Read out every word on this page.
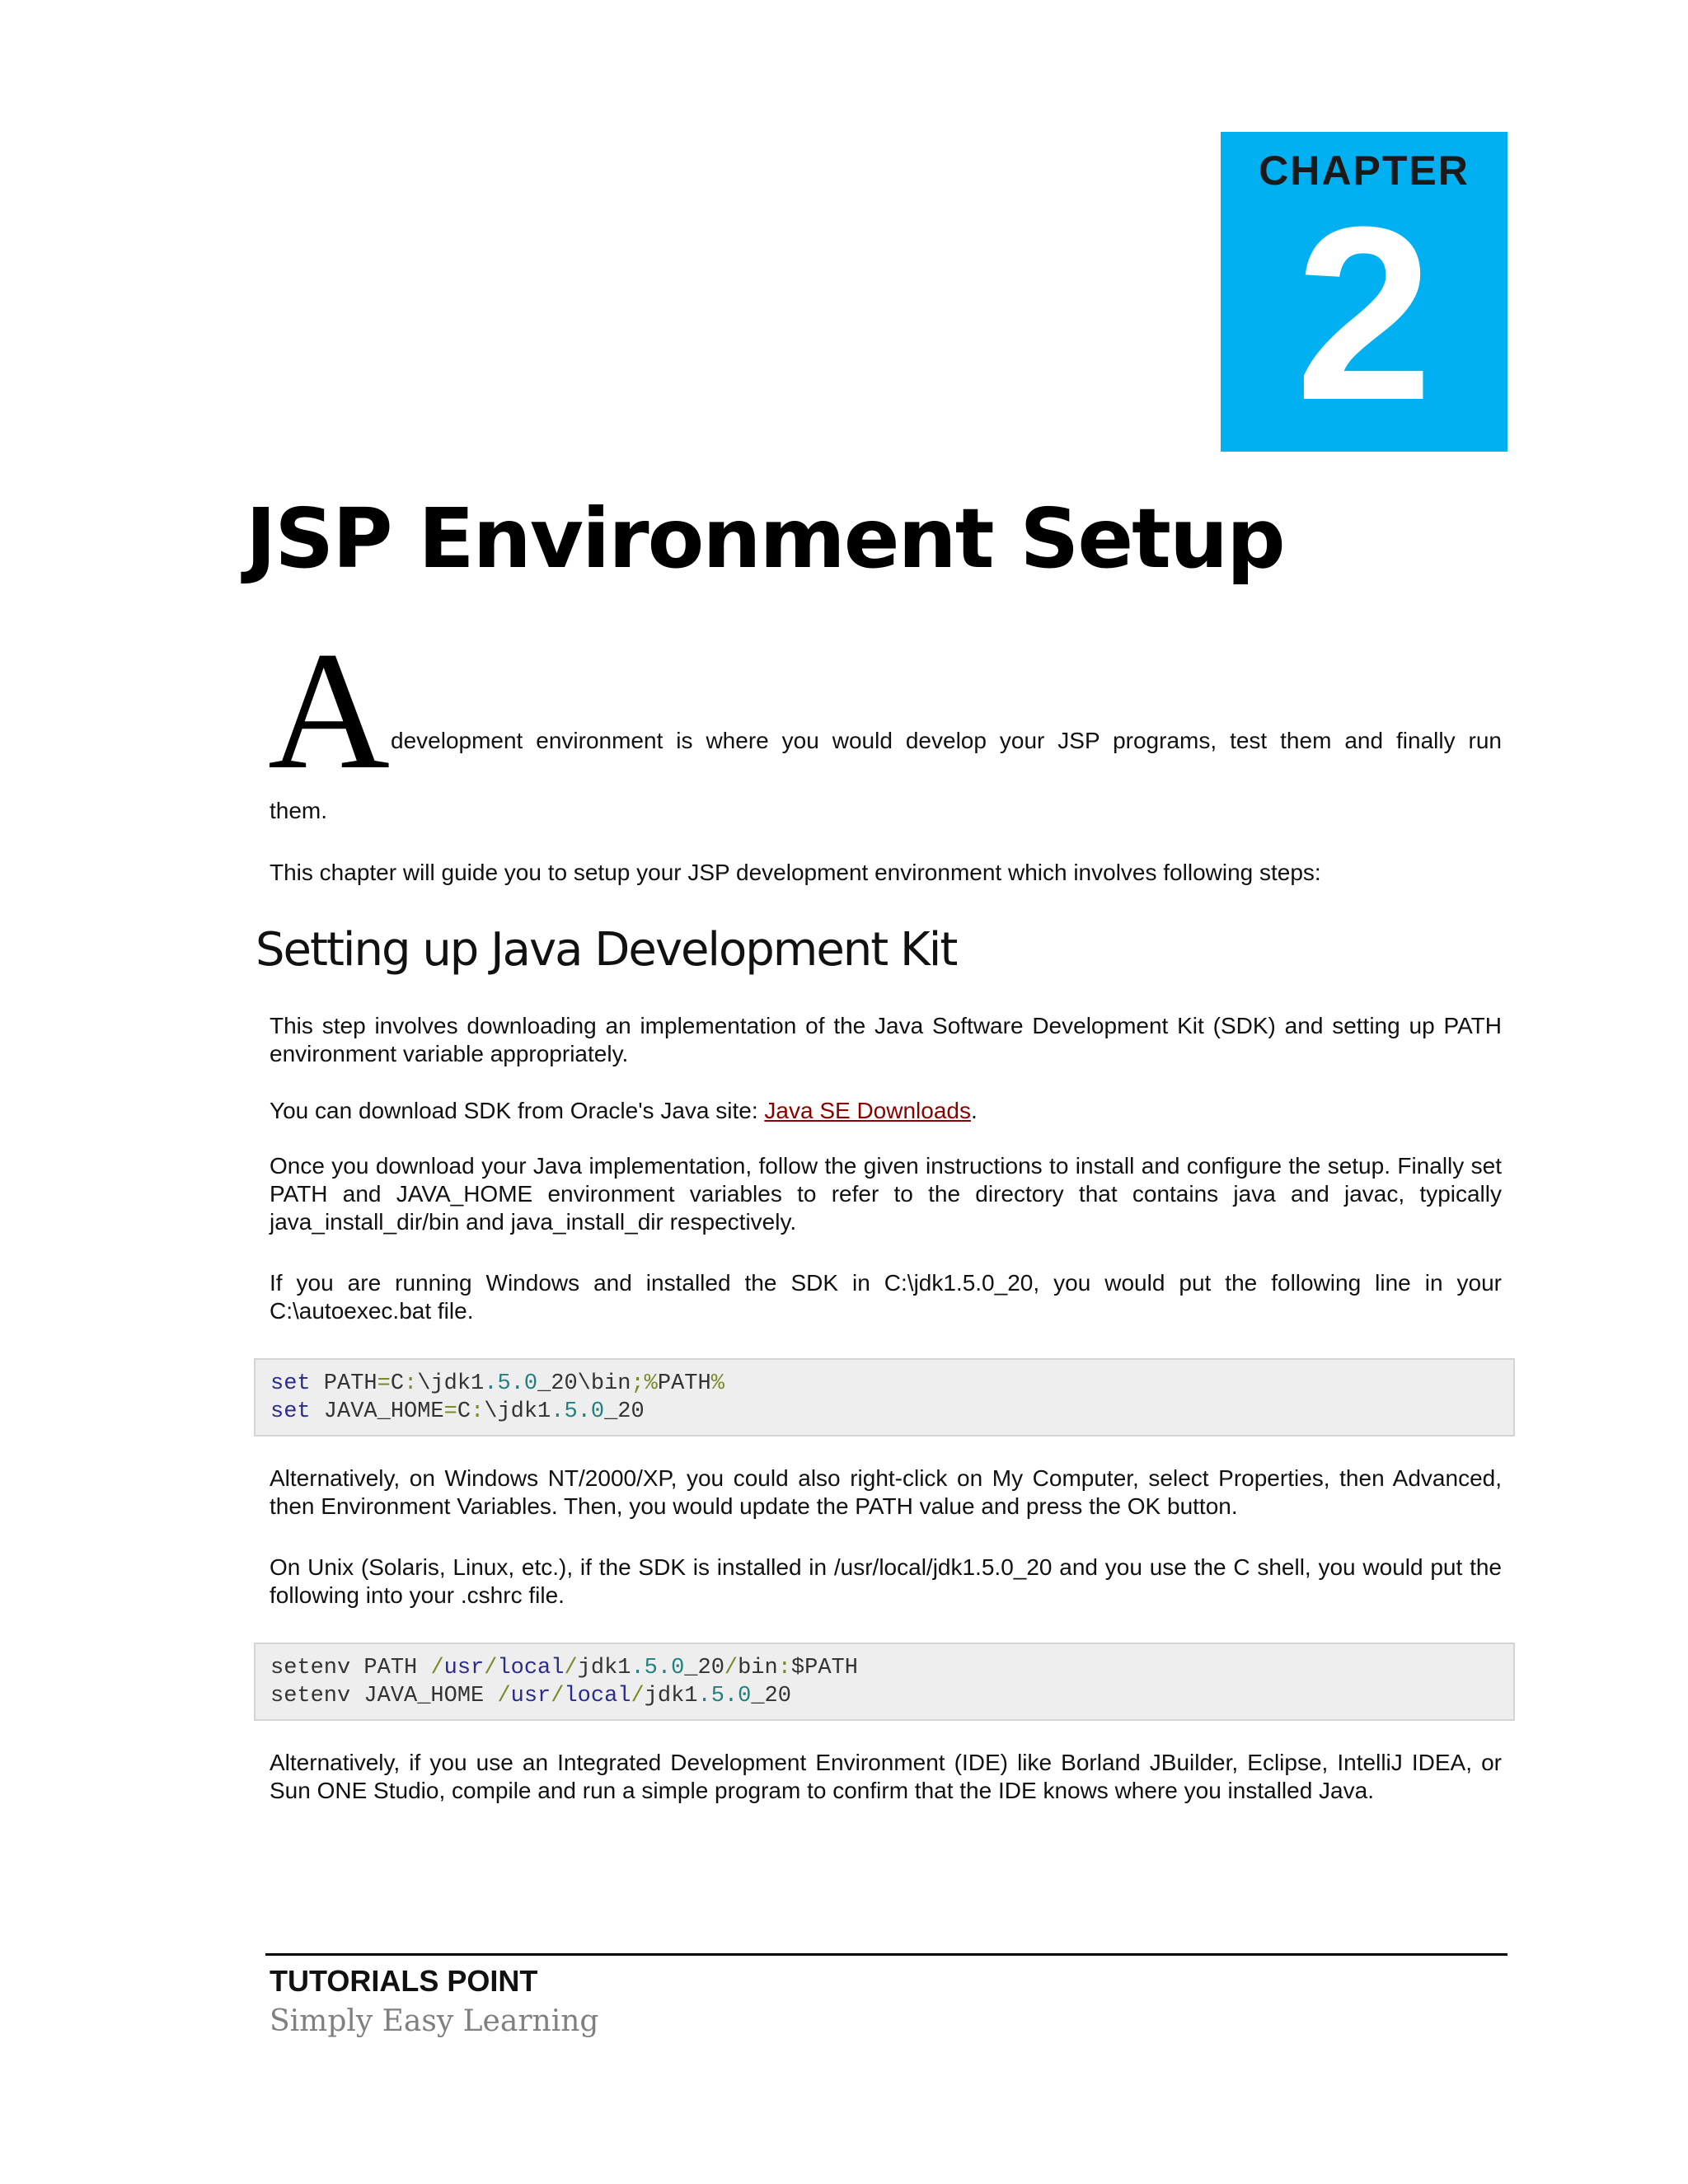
CHAPTER
2
JSP Environment Setup
A development environment is where you would develop your JSP programs, test them and finally run

them.

This chapter will guide you to setup your JSP development environment which involves following steps:

Setting up Java Development Kit

This step involves downloading an implementation of the Java Software Development Kit (SDK) and setting up PATH environment variable appropriately.

You can download SDK from Oracle's Java site: Java SE Downloads.

Once you download your Java implementation, follow the given instructions to install and configure the setup. Finally set PATH and JAVA_HOME environment variables to refer to the directory that contains java and javac, typically java_install_dir/bin and java_install_dir respectively.

If you are running Windows and installed the SDK in C:\jdk1.5.0_20, you would put the following line in your C:\autoexec.bat file.

set PATH=C:\jdk1.5.0_20\bin;%PATH%
set JAVA_HOME=C:\jdk1.5.0_20

Alternatively, on Windows NT/2000/XP, you could also right-click on My Computer, select Properties, then Advanced, then Environment Variables. Then, you would update the PATH value and press the OK button.

On Unix (Solaris, Linux, etc.), if the SDK is installed in /usr/local/jdk1.5.0_20 and you use the C shell, you would put the following into your .cshrc file.

setenv PATH /usr/local/jdk1.5.0_20/bin:$PATH
setenv JAVA_HOME /usr/local/jdk1.5.0_20

Alternatively, if you use an Integrated Development Environment (IDE) like Borland JBuilder, Eclipse, IntelliJ IDEA, or Sun ONE Studio, compile and run a simple program to confirm that the IDE knows where you installed Java.

TUTORIALS POINT
Simply Easy Learning
